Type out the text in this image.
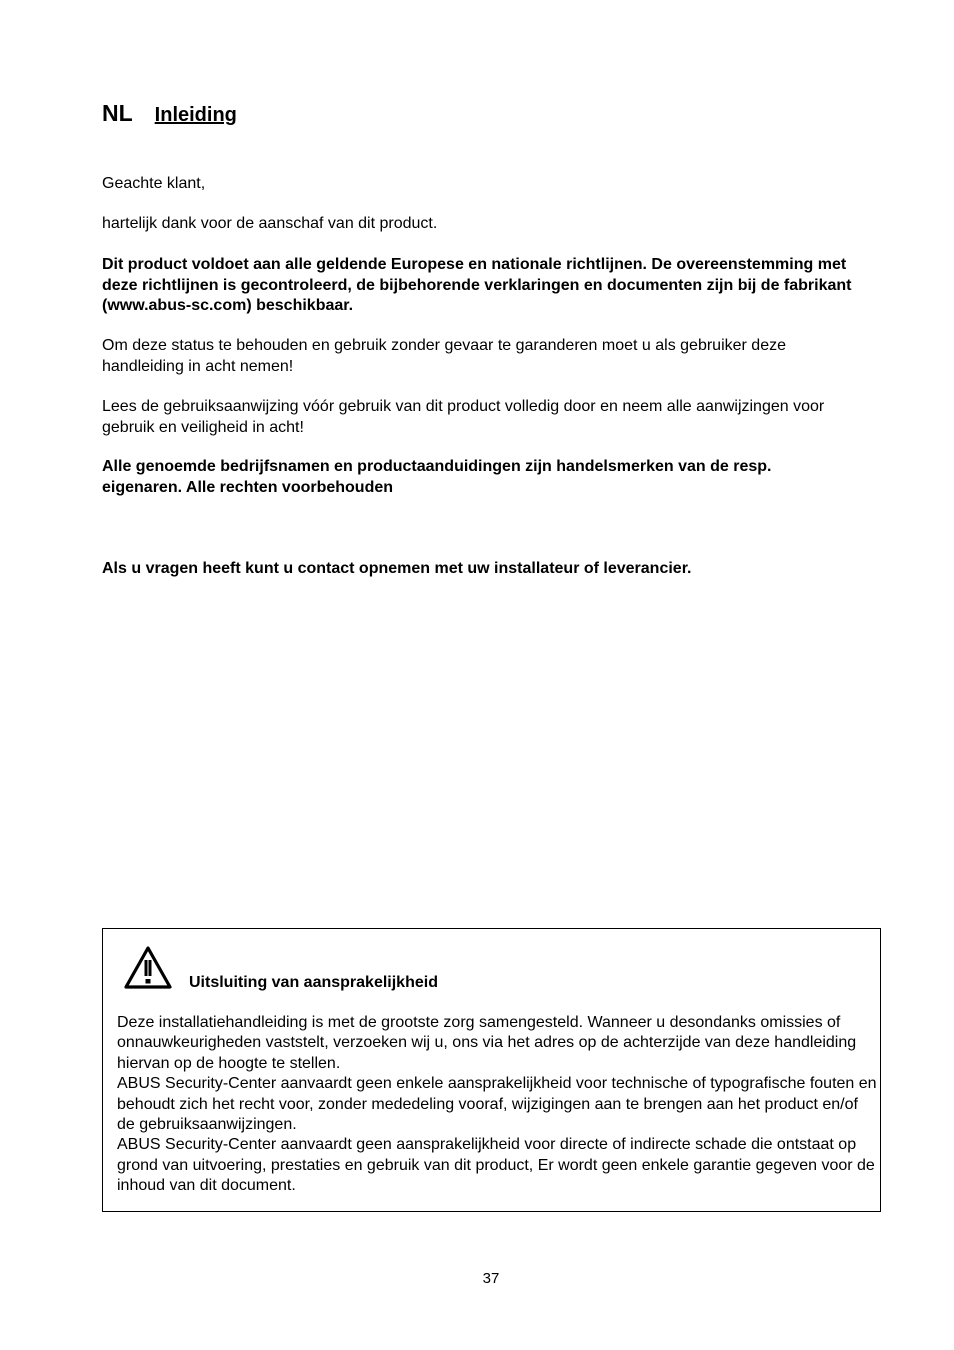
NL Inleiding

Geachte klant,

hartelijk dank voor de aanschaf van dit product.

Dit product voldoet aan alle geldende Europese en nationale richtlijnen. De overeenstemming met deze richtlijnen is gecontroleerd, de bijbehorende verklaringen en documenten zijn bij de fabrikant (www.abus-sc.com) beschikbaar.

Om deze status te behouden en gebruik zonder gevaar te garanderen moet u als gebruiker deze handleiding in acht nemen!

Lees de gebruiksaanwijzing vóór gebruik van dit product volledig door en neem alle aanwijzingen voor gebruik en veiligheid in acht!

Alle genoemde bedrijfsnamen en productaanduidingen zijn handelsmerken van de resp. eigenaren. Alle rechten voorbehouden

Als u vragen heeft kunt u contact opnemen met uw installateur of leverancier.

Uitsluiting van aansprakelijkheid

Deze installatiehandleiding is met de grootste zorg samengesteld. Wanneer u desondanks omissies of onnauwkeurigheden vaststelt, verzoeken wij u, ons via het adres op de achterzijde van deze handleiding hiervan op de hoogte te stellen.
ABUS Security-Center aanvaardt geen enkele aansprakelijkheid voor technische of typografische fouten en behoudt zich het recht voor, zonder mededeling vooraf, wijzigingen aan te brengen aan het product en/of de gebruiksaanwijzingen.
ABUS Security-Center aanvaardt geen aansprakelijkheid voor directe of indirecte schade die ontstaat op grond van uitvoering, prestaties en gebruik van dit product, Er wordt geen enkele garantie gegeven voor de inhoud van dit document.

37
